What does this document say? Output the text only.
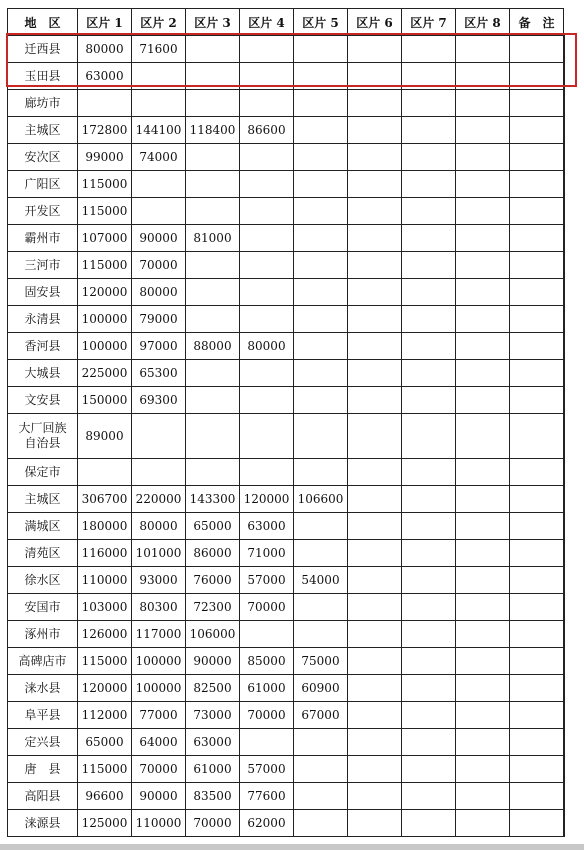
地　区	区片 1	区片 2	区片 3	区片 4	区片 5	区片 6	区片 7	区片 8	备　注	
迁西县	80000	71600								
玉田县	63000									
廊坊市										
主城区	172800	144100	118400	86600						
安次区	99000	74000								
广阳区	115000									
开发区	115000									
霸州市	107000	90000	81000							
三河市	115000	70000								
固安县	120000	80000								
永清县	100000	79000								
香河县	100000	97000	88000	80000						
大城县	225000	65300								
文安县	150000	69300								

大厂回族
自治县	89000									
保定市										
主城区	306700	220000	143300	120000	106600					
满城区	180000	80000	65000	63000						
清苑区	116000	101000	86000	71000						
徐水区	110000	93000	76000	57000	54000					
安国市	103000	80300	72300	70000						
涿州市	126000	117000	106000							
高碑店市	115000	100000	90000	85000	75000					
涞水县	120000	100000	82500	61000	60900					
阜平县	112000	77000	73000	70000	67000					
定兴县	65000	64000	63000							
唐　县	115000	70000	61000	57000						
高阳县	96600	90000	83500	77600						
涞源县	125000	110000	70000	62000						
